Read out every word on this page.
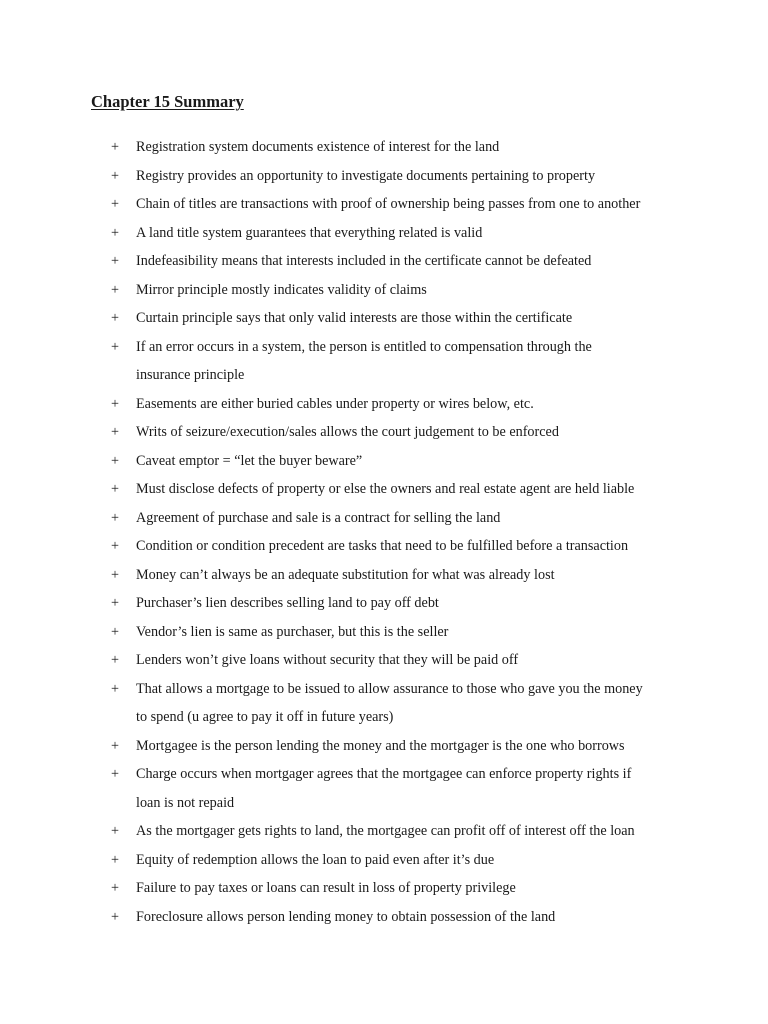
Chapter 15 Summary
+ Registration system documents existence of interest for the land
+ Registry provides an opportunity to investigate documents pertaining to property
+ Chain of titles are transactions with proof of ownership being passes from one to another
+ A land title system guarantees that everything related is valid
+ Indefeasibility means that interests included in the certificate cannot be defeated
+ Mirror principle mostly indicates validity of claims
+ Curtain principle says that only valid interests are those within the certificate
+ If an error occurs in a system, the person is entitled to compensation through the
insurance principle
+ Easements are either buried cables under property or wires below, etc.
+ Writs of seizure/execution/sales allows the court judgement to be enforced
+ Caveat emptor = “let the buyer beware”
+ Must disclose defects of property or else the owners and real estate agent are held liable
+ Agreement of purchase and sale is a contract for selling the land
+ Condition or condition precedent are tasks that need to be fulfilled before a transaction
+ Money can’t always be an adequate substitution for what was already lost
+ Purchaser’s lien describes selling land to pay off debt
+ Vendor’s lien is same as purchaser, but this is the seller
+ Lenders won’t give loans without security that they will be paid off
+ That allows a mortgage to be issued to allow assurance to those who gave you the money
to spend (u agree to pay it off in future years)
+ Mortgagee is the person lending the money and the mortgager is the one who borrows
+ Charge occurs when mortgager agrees that the mortgagee can enforce property rights if
loan is not repaid
+ As the mortgager gets rights to land, the mortgagee can profit off of interest off the loan
+ Equity of redemption allows the loan to paid even after it’s due
+ Failure to pay taxes or loans can result in loss of property privilege
+ Foreclosure allows person lending money to obtain possession of the land
